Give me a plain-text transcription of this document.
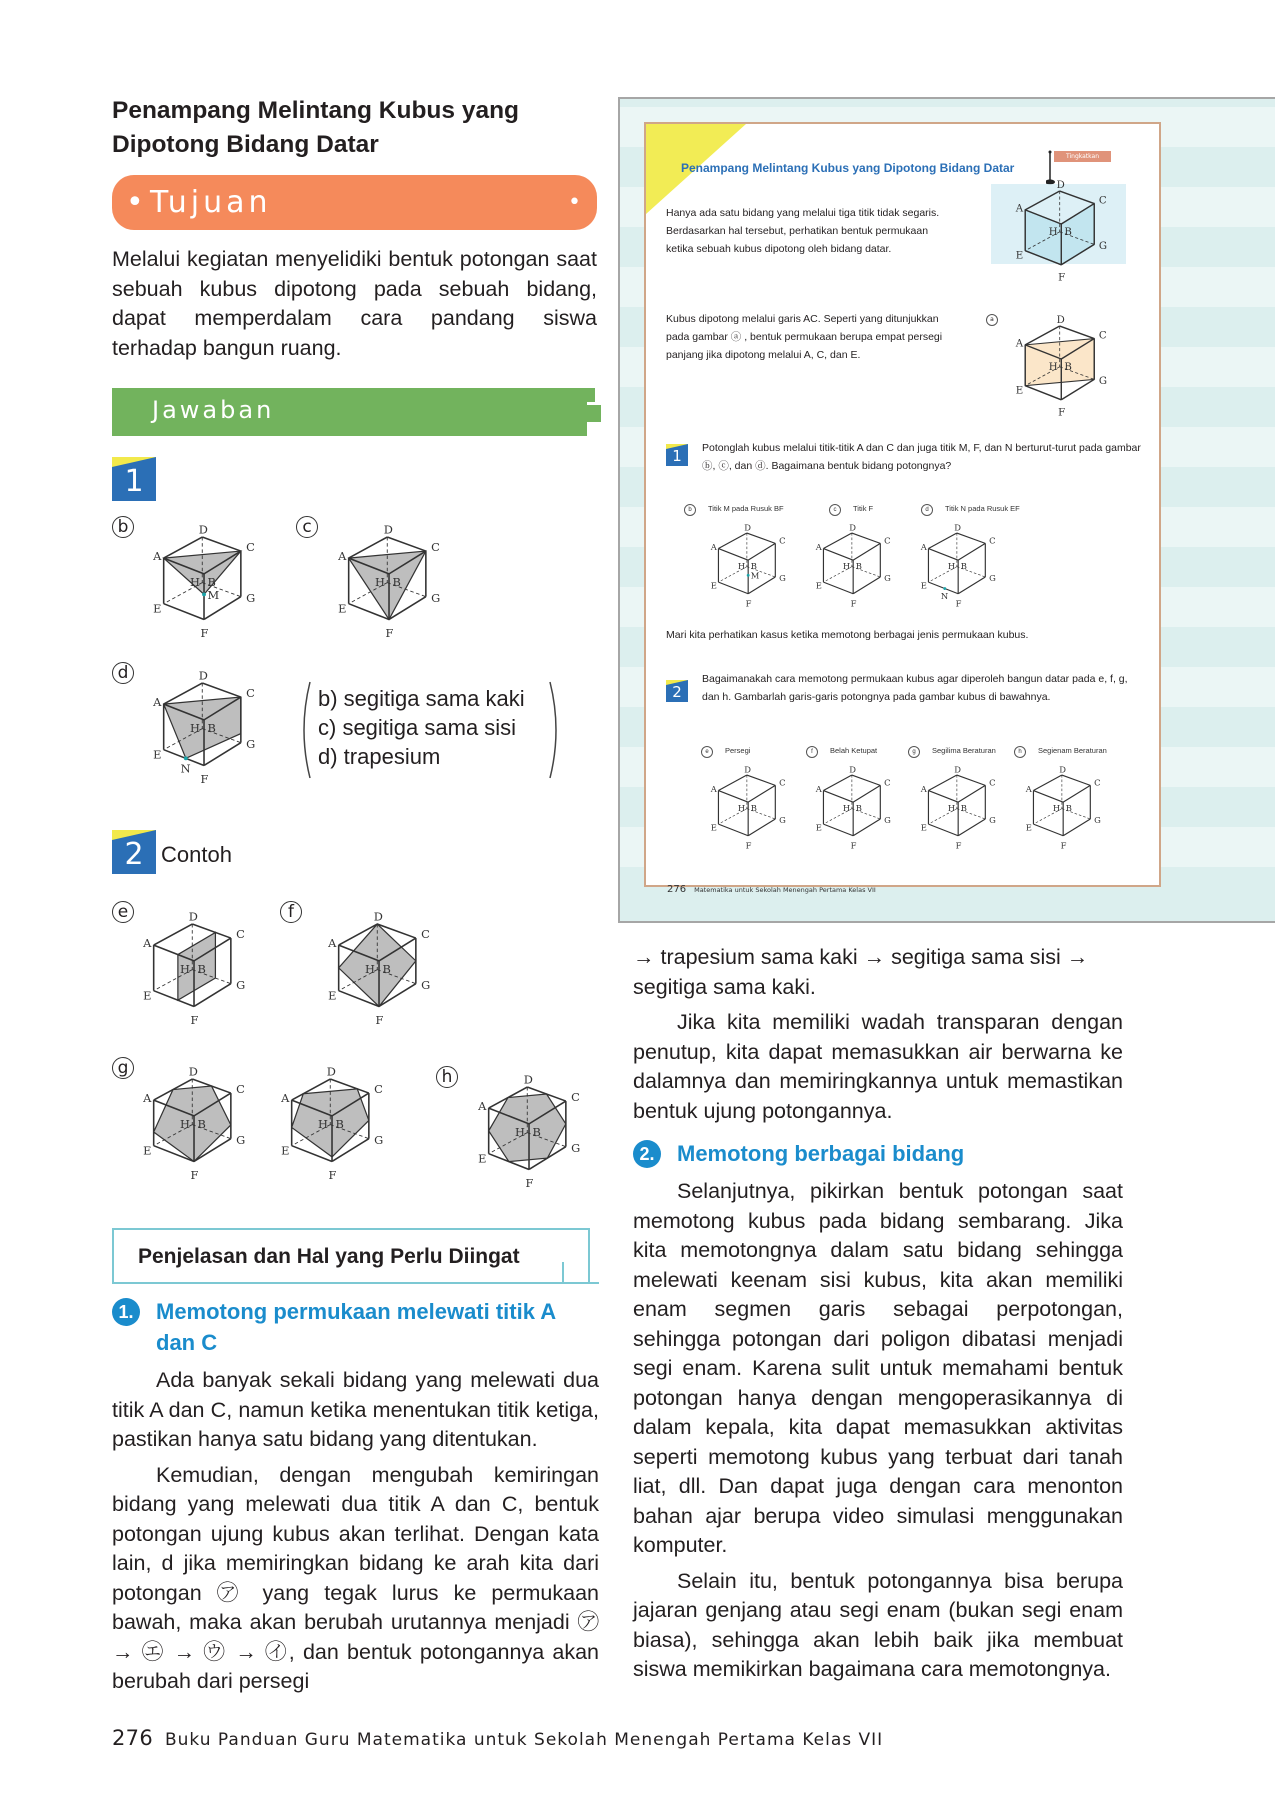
Penampang Melintang Kubus yang Dipotong Bidang Datar
• Tujuan	•
Melalui kegiatan menyelidiki bentuk potongan saat sebuah kubus dipotong pada sebuah bidang, dapat memperdalam cara pandang siswa terhadap bangun ruang.
Jawaban
1
b
A
B
C
D
E
F
G
H
M
c
A
B
C
D
E
F
G
H
d
A
B
C
D
E
F
G
H
N
b) segitiga sama kaki
c) segitiga sama sisi
d) trapesium
2 Contoh
e
A
B
C
D
E
F
G
H
f
A
B
C
D
E
F
G
H
g
A
B
C
D
E
F
G
H
A
B
C
D
E
F
G
H
h
A
B
C
D
E
F
G
H
Penjelasan dan Hal yang Perlu Diingat
1. Memotong permukaan melewati titik A dan C
Ada banyak sekali bidang yang melewati dua titik A dan C, namun ketika menentukan titik ketiga, pastikan hanya satu bidang yang ditentukan.
Kemudian, dengan mengubah kemiringan bidang yang melewati dua titik A dan C, bentuk potongan ujung kubus akan terlihat. Dengan kata lain, d jika memiringkan bidang ke arah kita dari potongan ㋐ yang tegak lurus ke permukaan bawah, maka akan berubah urutannya menjadi ㋐ → ㋓ → ㋒ → ㋑, dan bentuk potongannya akan berubah dari persegi
Penampang Melintang Kubus yang Dipotong Bidang Datar
Tingkatkan
Hanya ada satu bidang yang melalui tiga titik tidak segaris. Berdasarkan hal tersebut, perhatikan bentuk permukaan ketika sebuah kubus dipotong oleh bidang datar.
Kubus dipotong melalui garis AC. Seperti yang ditunjukkan pada gambar ⓐ , bentuk permukaan berupa empat persegi panjang jika dipotong melalui A, C, dan E.
A
B
C
D
E
F
G
H
a
A
B
C
D
E
F
G
H
1	Potonglah kubus melalui titik-titik A dan C dan juga titik M, F, dan N berturut-turut pada gambar ⓑ, ⓒ, dan ⓓ. Bagaimana bentuk bidang potongnya?
b Titik M pada Rusuk BF	c Titik F	d Titik N pada Rusuk EF
A
B
C
D
E
F
G
H
M
A
B
C
D
E
F
G
H
A
B
C
D
E
F
G
H
N
Mari kita perhatikan kasus ketika memotong berbagai jenis permukaan kubus.
2
Bagaimanakah cara memotong permukaan kubus agar diperoleh bangun datar pada e, f, g, dan h. Gambarlah garis-garis potongnya pada gambar kubus di bawahnya.
e Persegi	f Belah Ketupat	g Segilima Beraturan	h Segienam Beraturan
A
B
C
D
E
F
G
H
A
B
C
D
E
F
G
H
A
B
C
D
E
F
G
H
A
B
C
D
E
F
G
H
276 Matematika untuk Sekolah Menengah Pertama Kelas VII
→ trapesium sama kaki → segitiga sama sisi → segitiga sama kaki.
Jika kita memiliki wadah transparan dengan penutup, kita dapat memasukkan air berwarna ke dalamnya dan memiringkannya untuk memastikan bentuk ujung potongannya.
2. Memotong berbagai bidang
Selanjutnya, pikirkan bentuk potongan saat memotong kubus pada bidang sembarang. Jika kita memotongnya dalam satu bidang sehingga melewati keenam sisi kubus, kita akan memiliki enam segmen garis sebagai perpotongan, sehingga potongan dari poligon dibatasi menjadi segi enam. Karena sulit untuk memahami bentuk potongan hanya dengan mengoperasikannya di dalam kepala, kita dapat memasukkan aktivitas seperti memotong kubus yang terbuat dari tanah liat, dll. Dan dapat juga dengan cara menonton bahan ajar berupa video simulasi menggunakan komputer.
Selain itu, bentuk potongannya bisa berupa jajaran genjang atau segi enam (bukan segi enam biasa), sehingga akan lebih baik jika membuat siswa memikirkan bagaimana cara memotongnya.
276 Buku Panduan Guru Matematika untuk Sekolah Menengah Pertama Kelas VII
